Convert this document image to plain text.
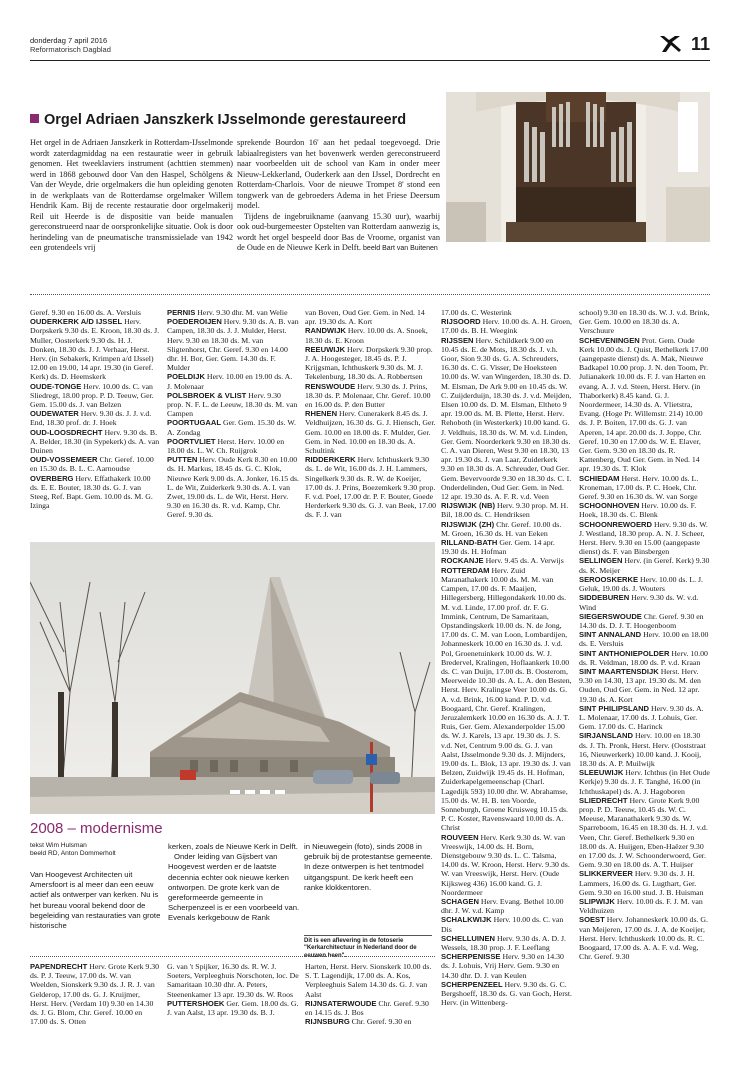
donderdag 7 april 2016
Reformatorisch Dagblad	11
Orgel Adriaen Janszkerk IJsselmonde gerestaureerd

Het orgel in de Adriaen Janszkerk in Rotterdam-IJsselmonde wordt zaterdagmiddag na een restauratie weer in gebruik genomen. Het tweeklaviers instrument (achttien stemmen) werd in 1868 gebouwd door Van den Haspel, Schölgens & Van der Weyde, drie orgelmakers die hun opleiding genoten in de werkplaats van de Rotterdamse orgelmaker Willem Hendrik Kam. Bij de recente restauratie door orgelmakerij Reil uit Heerde is de dispositie van beide manualen gereconstrueerd naar de oorspronkelijke situatie. Ook is door herindeling van de pneumatische transmissielade van 1942 een grotendeels vrij

sprekende Bourdon 16' aan het pedaal toegevoegd. Drie labiaalregisters van het bovenwerk werden gereconstrueerd naar voorbeelden uit de school van Kam in onder meer Nieuw-Lekkerland, Ouderkerk aan den IJssel, Dordrecht en Rotterdam-Charlois. Voor de nieuwe Trompet 8' stond een tongwerk van de gebroeders Adema in het Friese Deersum model.

Tijdens de ingebruikname (aanvang 15.30 uur), waarbij ook oud-burgemeester Opstelten van Rotterdam aanwezig is, wordt het orgel bespeeld door Bas de Vroome, organist van de Oude en de Nieuwe Kerk in Delft. beeld Bart van Buitenen

Geref. 9.30 en 16.00 ds. A. Versluis

OUDERKERK A/D IJSSEL Herv. Dorpskerk 9.30 ds. E. Kroon, 18.30 ds. J. Muller, Oosterkerk 9.30 ds. H. J. Donken, 18.30 ds. J. J. Verhaar, Herst. Herv. (in Sebakerk, Krimpen a/d IJssel) 12.00 en 19.00, 14 apr. 19.30 (in Geref. Kerk) ds. D. Heemskerk

OUDE-TONGE Herv. 10.00 ds. C. van Sliedregt, 18.00 prop. P. D. Teeuw, Ger. Gem. 15.00 ds. J. van Belzen

OUDEWATER Herv. 9.30 ds. J. J. v.d. End, 18.30 prof. dr. J. Hoek

OUD-LOOSDRECHT Herv. 9.30 ds. B. A. Belder, 18.30 (in Sypekerk) ds. A. van Duinen

OUD-VOSSEMEER Chr. Geref. 10.00 en 15.30 ds. B. L. C. Aarnoudse

OVERBERG Herv. Effathakerk 10.00 ds. E. E. Bouter, 18.30 ds. G. J. van Steeg, Ref. Bapt. Gem. 10.00 ds. M. G. Izinga

PERNIS Herv. 9.30 dhr. M. van Welie

POEDEROIJEN Herv. 9.30 ds. A. B. van Campen, 18.30 ds. J. J. Mulder, Herst. Herv. 9.30 en 18.30 ds. M. van Sligtenhorst, Chr. Geref. 9.30 en 14.00 dhr. H. Bor, Ger. Gem. 14.30 ds. F. Mulder

POELDIJK Herv. 10.00 en 19.00 ds. A. J. Molenaar

POLSBROEK & VLIST Herv. 9.30 prop. N. F. L. de Leeuw, 18.30 ds. M. van Campen

POORTUGAAL Ger. Gem. 15.30 ds. W. A. Zondag

POORTVLIET Herst. Herv. 10.00 en 18.00 ds. L. W. Ch. Ruijgrok

PUTTEN Herv. Oude Kerk 8.30 en 10.00 ds. H. Markus, 18.45 ds. G. C. Klok, Nieuwe Kerk 9.00 ds. A. Jonker, 16.15 ds. L. de Wit, Zuiderkerk 9.30 ds. A. I. van Zwet, 19.00 ds. L. de Wit, Herst. Herv. 9.30 en 16.30 ds. R. v.d. Kamp, Chr. Geref. 9.30 ds.

van Boven, Oud Ger. Gem. in Ned. 14 apr. 19.30 ds. A. Kort

RANDWIJK Herv. 10.00 ds. A. Snoek, 18.30 ds. E. Kroon

REEUWIJK Herv. Dorpskerk 9.30 prop. J. A. Hoogesteger, 18.45 ds. P. J. Krijgsman, Ichthuskerk 9.30 ds. M. J. Tekelenburg, 18.30 ds. A. Robbertsen

RENSWOUDE Herv. 9.30 ds. J. Prins, 18.30 ds. P. Molenaar, Chr. Geref. 10.00 en 16.00 ds. P. den Butter

RHENEN Herv. Cunerakerk 8.45 ds. J. Veldhuijzen, 16.30 ds. G. J. Hiensch, Ger. Gem. 10.00 en 18.00 ds. F. Mulder, Ger. Gem. in Ned. 10.00 en 18.30 ds. A. Schultink

RIDDERKERK Herv. Ichthuskerk 9.30 ds. L. de Wit, 16.00 ds. J. H. Lammers, Singelkerk 9.30 ds. R. W. de Koeijer, 17.00 ds. J. Prins, Boezemkerk 9.30 prop. F. v.d. Poel, 17.00 dr. P. F. Bouter, Goede Herderkerk 9.30 ds. G. J. van Beek, 17.00 ds. F. J. van

17.00 ds. C. Westerink

RIJSOORD Herv. 10.00 ds. A. H. Groen, 17.00 ds. B. H. Weegink

RIJSSEN Herv. Schildkerk 9.00 en 10.45 ds. E. de Mots, 18.30 ds. J. v.h. Goor, Sion 9.30 ds. G. A. Schreuders, 16.30 ds. C. G. Visser, De Hoeksteen 10.00 ds. W. van Wingerden, 18.30 ds. D. M. Elsman, De Ark 9.00 en 10.45 ds. W. C. Zuijderduijn, 18.30 ds. J. v.d. Meijden, Elsen 10.00 ds. D. M. Elsman, Eltheto 9 apr. 19.00 ds. M. B. Plette, Herst. Herv. Rehoboth (in Westerkerk) 10.00 kand. G. J. Veldhuis, 18.30 ds. W. M. v.d. Linden, Ger. Gem. Noorderkerk 9.30 en 18.30 ds. C. A. van Dieren, West 9.30 en 18.30, 13 apr. 19.30 ds. J. van Laar, Zuiderkerk 9.30 en 18.30 ds. A. Schreuder, Oud Ger. Gem. Bevervoorde 9.30 en 18.30 ds. C. I. Onderdelinden, Oud Ger. Gem. in Ned. 12 apr. 19.30 ds. A. F. R. v.d. Veen

RIJSWIJK (NB) Herv. 9.30 prop. M. H. Bil, 18.00 ds. C. Hendriksen

RIJSWIJK (ZH) Chr. Geref. 10.00 ds. M. Groen, 16.30 ds. H. van Eeken

RILLAND-BATH Ger. Gem. 14 apr. 19.30 ds. H. Hofman

ROCKANJE Herv. 9.45 ds. A. Verwijs

ROTTERDAM Herv. Zuid Maranathakerk 10.00 ds. M. M. van Campen, 17.00 ds. F. Maaijen, Hillegersberg, Hillegondakerk 10.00 ds. M. v.d. Linde, 17.00 prof. dr. F. G. Immink, Centrum, De Samaritaan, Opstandingskerk 10.00 ds. N. de Jong, 17.00 ds. C. M. van Loon, Lombardijen, Johanneskerk 10.00 en 16.30 ds. J. v.d. Pol, Groenetuinkerk 10.00 ds. W. J. Bredervel, Kralingen, Hoflaankerk 10.00 ds. C. van Duijn, 17.00 ds. B. Oosterom, Meerweide 10.30 ds. A. L. A. den Besten, Herst. Herv. Kralingse Veer 10.00 ds. G. A. v.d. Brink, 16.00 kand. P. D. v.d. Boogaard, Chr. Geref. Kralingen, Jeruzalemkerk 10.00 en 16.30 ds. A. J. T. Ruis, Ger. Gem. Alexanderpolder 15.00 ds. W. J. Karels, 13 apr. 19.30 ds. J. S. v.d. Net, Centrum 9.00 ds. G. J. van Aalst, IJsselmonde 9.30 ds. J. Mijnders, 19.00 ds. L. Blok, 13 apr. 19.30 ds. J. van Belzen, Zuidwijk 19.45 ds. H. Hofman, Zuiderkapelgemeenschap (Charl. Lagedijk 593) 10.00 dhr. W. Abrahamse, 15.00 ds. W. H. B. ten Voorde, Sonneburgh, Groene Kruisweg 10.15 ds. P. C. Koster, Ravenswaard 10.00 ds. A. Christ

ROUVEEN Herv. Kerk 9.30 ds. W. van Vreeswijk, 14.00 ds. H. Born, Dienstgebouw 9.30 ds. L. C. Talsma, 14.00 ds. W. Kroon, Herst. Herv. 9.30 ds. W. van Vreeswijk, Herst. Herv. (Oude Kijksweg 436) 16.00 kand. G. J. Noordermeer

SCHAGEN Herv. Evang. Bethel 10.00 dhr. J. W. v.d. Kamp

SCHALKWIJK Herv. 10.00 ds. C. van Dis

SCHELLUINEN Herv. 9.30 ds. A. D. J. Wessels, 18.30 prop. J. F. Leeflang

SCHERPENISSE Herv. 9.30 en 14.30 ds. J. Lohuis, Vrij Herv. Gem. 9.30 en 14.30 dhr. D. J. van Keulen

SCHERPENZEEL Herv. 9.30 ds. G. C. Bergshoeff, 18.30 ds. G. van Goch, Herst. Herv. (in Wittenberg-

school) 9.30 en 18.30 ds. W. J. v.d. Brink, Ger. Gem. 10.00 en 18.30 ds. A. Verschuure

SCHEVENINGEN Prot. Gem. Oude Kerk 10.00 ds. J. Quist, Bethelkerk 17.00 (aangepaste dienst) ds. A. Mak, Nieuwe Badkapel 10.00 prop. J. N. den Toom, Pr. Julianakerk 10.00 ds. F. J. van Harten en evang. A. J. v.d. Steen, Herst. Herv. (in Thaborkerk) 8.45 kand. G. J. Noordermeer, 14.30 ds. A. Vlietstra, Evang. (Hoge Pr. Willemstr. 214) 10.00 ds. J. P. Boiten, 17.00 ds. G. J. van Aperen, 14 apr. 20.00 ds. J. Joppe, Chr. Geref. 10.30 en 17.00 ds. W. E. Elaver, Ger. Gem. 9.30 en 18.30 ds. R. Kattenberg, Oud Ger. Gem. in Ned. 14 apr. 19.30 ds. T. Klok

SCHIEDAM Herst. Herv. 10.00 ds. L. Kroneman, 17.00 ds. P. C. Hoek, Chr. Geref. 9.30 en 16.30 ds. W. van Sorge

SCHOONHOVEN Herv. 10.00 ds. F. Hoek, 18.30 ds. C. Blenk

SCHOONREWOERD Herv. 9.30 ds. W. J. Westland, 18.30 prop. A. N. J. Scheer, Herst. Herv. 9.30 en 15.00 (aangepaste dienst) ds. F. van Binsbergen

SELLINGEN Herv. (in Geref. Kerk) 9.30 ds. K. Meijer

SEROOSKERKE Herv. 10.00 ds. L. J. Geluk, 19.00 ds. J. Wouters

SIDDEBUREN Herv. 9.30 ds. W. v.d. Wind

SIEGERSWOUDE Chr. Geref. 9.30 en 14.30 ds. D. J. T. Hoogenboom

SINT ANNALAND Herv. 10.00 en 18.00 ds. E. Versluis

SINT ANTHONIEPOLDER Herv. 10.00 ds. R. Veldman, 18.00 ds. P. v.d. Kraan

SINT MAARTENSDIJK Herst. Herv. 9.30 en 14.30, 13 apr. 19.30 ds. M. den Ouden, Oud Ger. Gem. in Ned. 12 apr. 19.30 ds. A. Kort

SINT PHILIPSLAND Herv. 9.30 ds. A. L. Molenaar, 17.00 ds. J. Lohuis, Ger. Gem. 17.00 ds. C. Harinck

SIRJANSLAND Herv. 10.00 en 18.30 ds. J. Th. Pronk, Herst. Herv. (Ooststraat 16, Nieuwerkerk) 10.00 kand. J. Kooij, 18.30 ds. A. P. Muilwijk

SLEEUWIJK Herv. Ichthus (in Het Oude Kerkje) 9.30 ds. J. F. Tanghé, 16.00 (in Ichthuskapel) ds. A. J. Hagoboren

SLIEDRECHT Herv. Grote Kerk 9.00 prop. P. D. Teeuw, 10.45 ds. W. C. Meeuse, Maranathakerk 9.30 ds. W. Sparreboom, 16.45 en 18.30 ds. H. J. v.d. Veen, Chr. Geref. Bethelkerk 9.30 en 18.00 ds. A. Huijgen, Eben-Haëzer 9.30 en 17.00 ds. J. W. Schoonderwoerd, Ger. Gem. 9.30 en 18.00 ds. A. T. Huijser

SLIKKERVEER Herv. 9.30 ds. J. H. Lammers, 16.00 ds. G. Lugthart, Ger. Gem. 9.30 en 16.00 stud. J. B. Huisman

SLIPWIJK Herv. 10.00 ds. F. J. M. van Veldhuizen

SOEST Herv. Johanneskerk 10.00 ds. G. van Meijeren, 17.00 ds. J. A. de Koeijer, Herst. Herv. Ichthuskerk 10.00 ds. R. C. Boogaard, 17.00 ds. A. A. F. v.d. Weg, Chr. Geref. 9.30

2008 – modernisme
tekst Wim Hulsman
beeld RD, Anton Dommerholt

Van Hoogevest Architecten uit Amersfoort is al meer dan een eeuw actief als ontwerper van kerken. Nu is het bureau vooral bekend door de begeleiding van restauraties van grote historische

kerken, zoals de Nieuwe Kerk in Delft.

Onder leiding van Gijsbert van Hoogevest werden er de laatste decennia echter ook nieuwe kerken ontworpen. De grote kerk van de gereformeerde gemeente in Scherpenzeel is er een voorbeeld van. Evenals kerkgebouw de Rank

in Nieuwegein (foto), sinds 2008 in gebruik bij de protestantse gemeente. In deze ontwerpen is het tentmodel uitgangspunt. De kerk heeft een ranke klokkentoren.

Dit is een aflevering in de fotoserie "Kerkarchitectuur in Nederland door de eeuwen heen".

PAPENDRECHT Herv. Grote Kerk 9.30 ds. P. J. Teeuw, 17.00 ds. W. van Weelden, Sionskerk 9.30 ds. J. R. J. van Gelderop, 17.00 ds. G. J. Kruijmer, Herst. Herv. (Verdam 10) 9.30 en 14.30 ds. J. G. Blom, Chr. Geref. 10.00 en 17.00 ds. S. Otten

G. van 't Spijker, 16.30 ds. R. W. J. Soeters, Verpleeghuis Norschoten, loc. De Samaritaan 10.30 dhr. A. Peters, Steenenkamer 13 apr. 19.30 ds. W. Roos

PUTTERSHOEK Ger. Gem. 18.00 ds. G. J. van Aalst, 13 apr. 19.30 ds. B. J.

Harten, Herst. Herv. Sionskerk 10.00 ds. S. T. Lagendijk, 17.00 ds. A. Kos, Verpleeghuis Salem 14.30 ds. G. J. van Aalst

RIJNSATERWOUDE Chr. Geref. 9.30 en 14.15 ds. J. Bos

RIJNSBURG Chr. Geref. 9.30 en
